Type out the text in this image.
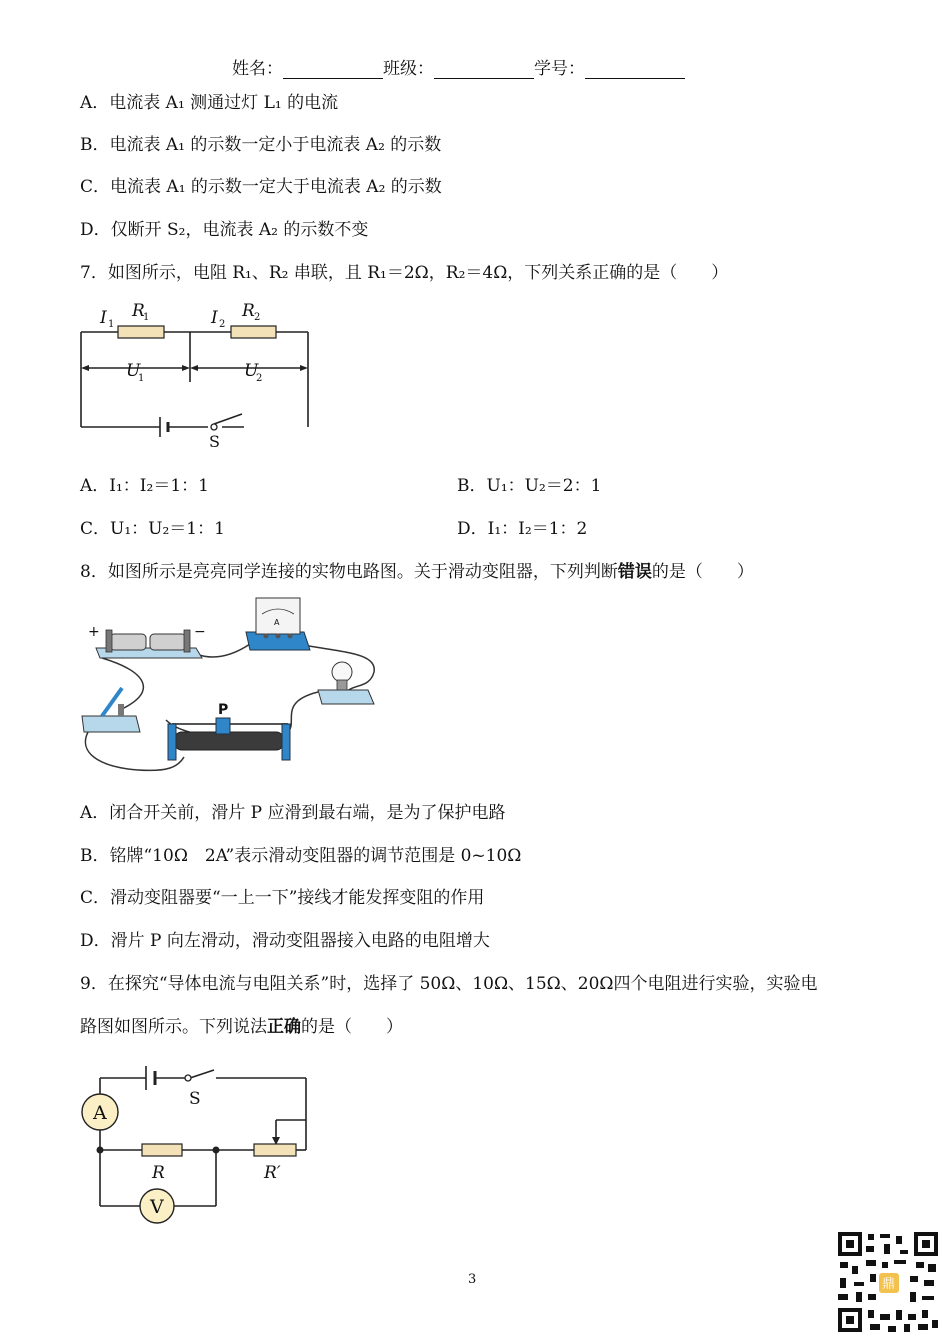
姓名：	班级：	学号：
A．电流表 A₁ 测通过灯 L₁ 的电流
B．电流表 A₁ 的示数一定小于电流表 A₂ 的示数
C．电流表 A₁ 的示数一定大于电流表 A₂ 的示数
D．仅断开 S₂，电流表 A₂ 的示数不变
7．如图所示，电阻 R₁、R₂ 串联，且 R₁＝2Ω，R₂＝4Ω，下列关系正确的是（　　）
I 1
R
1	I 2
R 2
U
1	U
2
S
A．I₁：I₂＝1：1	B．U₁：U₂＝2：1
C．U₁：U₂＝1：1	D．I₁：I₂＝1：2
8．如图所示是亮亮同学连接的实物电路图。关于滑动变阻器，下列判断错误的是（　　）
+	−
A
P
A．闭合开关前，滑片 P 应滑到最右端，是为了保护电路
B．铭牌“10Ω　2A”表示滑动变阻器的调节范围是 0~10Ω
C．滑动变阻器要“一上一下”接线才能发挥变阻的作用
D．滑片 P 向左滑动，滑动变阻器接入电路的电阻增大
9．在探究“导体电流与电阻关系”时，选择了 50Ω、10Ω、15Ω、20Ω四个电阻进行实验，实验电
路图如图所示。下列说法正确的是（　　）
A
S
R	R′
V
3	鼎
